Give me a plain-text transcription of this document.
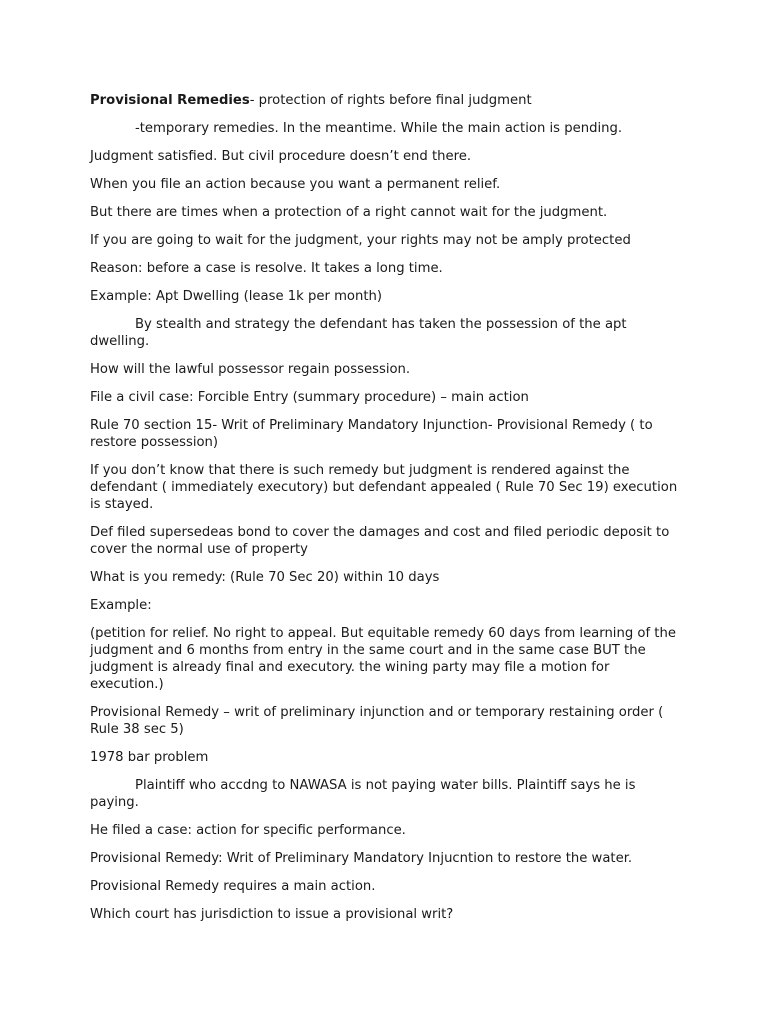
Provisional Remedies- protection of rights before final judgment

-temporary remedies. In the meantime. While the main action is pending.

Judgment satisfied. But civil procedure doesn’t end there.

When you file an action because you want a permanent relief.

But there are times when a protection of a right cannot wait for the judgment.

If you are going to wait for the judgment, your rights may not be amply protected

Reason: before a case is resolve. It takes a long time.

Example: Apt Dwelling (lease 1k per month)

By stealth and strategy the defendant has taken the possession of the apt dwelling.

How will the lawful possessor regain possession.

File a civil case: Forcible Entry (summary procedure) – main action

Rule 70 section 15- Writ of Preliminary Mandatory Injunction- Provisional Remedy ( to restore possession)

If you don’t know that there is such remedy but judgment is rendered against the defendant ( immediately executory) but defendant appealed ( Rule 70 Sec 19) execution is stayed.

Def filed supersedeas bond to cover the damages and cost and filed periodic deposit to cover the normal use of property

What is you remedy: (Rule 70 Sec 20) within 10 days

Example:

(petition for relief. No right to appeal. But equitable remedy 60 days from learning of the judgment and 6 months from entry in the same court and in the same case BUT the judgment is already final and executory. the wining party may file a motion for execution.)

Provisional Remedy – writ of preliminary injunction and or temporary restaining order ( Rule 38 sec 5)

1978 bar problem

Plaintiff who accdng to NAWASA is not paying water bills. Plaintiff says he is paying.

He filed a case: action for specific performance.

Provisional Remedy: Writ of Preliminary Mandatory Injucntion to restore the water.

Provisional Remedy requires a main action.

Which court has jurisdiction to issue a provisional writ?
